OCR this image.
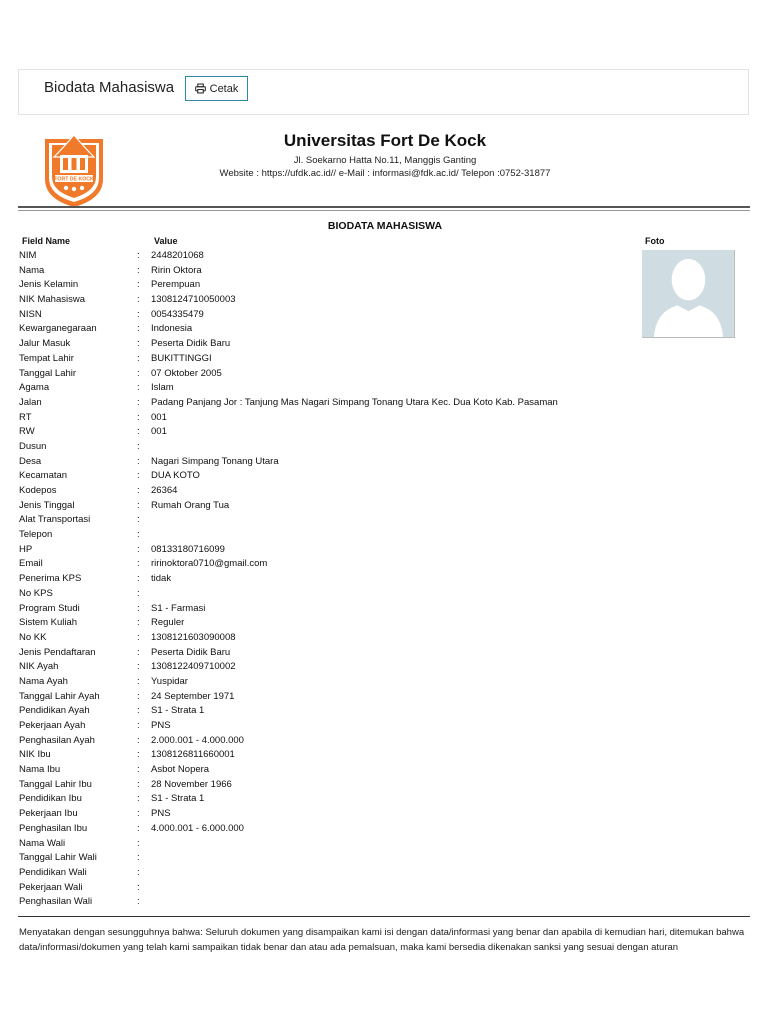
Biodata Mahasiswa	Cetak
FORT DE KOCK
Universitas Fort De Kock
Jl. Soekarno Hatta No.11, Manggis Ganting
Website : https://ufdk.ac.id// e-Mail : informasi@fdk.ac.id/ Telepon :0752-31877
BIODATA MAHASISWA
Field Name	Value	Foto
NIM	:	2448201068
Nama	:	Ririn Oktora
Jenis Kelamin	:	Perempuan
NIK Mahasiswa	:	1308124710050003
NISN	:	0054335479
Kewarganegaraan	:	Indonesia
Jalur Masuk	:	Peserta Didik Baru
Tempat Lahir	:	BUKITTINGGI
Tanggal Lahir	:	07 Oktober 2005
Agama	:	Islam
Jalan	:	Padang Panjang Jor : Tanjung Mas Nagari Simpang Tonang Utara Kec. Dua Koto Kab. Pasaman
RT	:	001
RW	:	001
Dusun	:
Desa	:	Nagari Simpang Tonang Utara
Kecamatan	:	DUA KOTO
Kodepos	:	26364
Jenis Tinggal	:	Rumah Orang Tua
Alat Transportasi	:
Telepon	:
HP	:	08133180716099
Email	:	ririnoktora0710@gmail.com
Penerima KPS	:	tidak
No KPS	:
Program Studi	:	S1 - Farmasi
Sistem Kuliah	:	Reguler
No KK	:	1308121603090008
Jenis Pendaftaran	:	Peserta Didik Baru
NIK Ayah	:	1308122409710002
Nama Ayah	:	Yuspidar
Tanggal Lahir Ayah	:	24 September 1971
Pendidikan Ayah	:	S1 - Strata 1
Pekerjaan Ayah	:	PNS
Penghasilan Ayah	:	2.000.001 - 4.000.000
NIK Ibu	:	1308126811660001
Nama Ibu	:	Asbot Nopera
Tanggal Lahir Ibu	:	28 November 1966
Pendidikan Ibu	:	S1 - Strata 1
Pekerjaan Ibu	:	PNS
Penghasilan Ibu	:	4.000.001 - 6.000.000
Nama Wali	:
Tanggal Lahir Wali	:
Pendidikan Wali	:
Pekerjaan Wali	:
Penghasilan Wali	:
Menyatakan dengan sesungguhnya bahwa: Seluruh dokumen yang disampaikan kami isi dengan data/informasi yang benar dan apabila di kemudian hari, ditemukan bahwa data/informasi/dokumen yang telah kami sampaikan tidak benar dan atau ada pemalsuan, maka kami bersedia dikenakan sanksi yang sesuai dengan aturan
